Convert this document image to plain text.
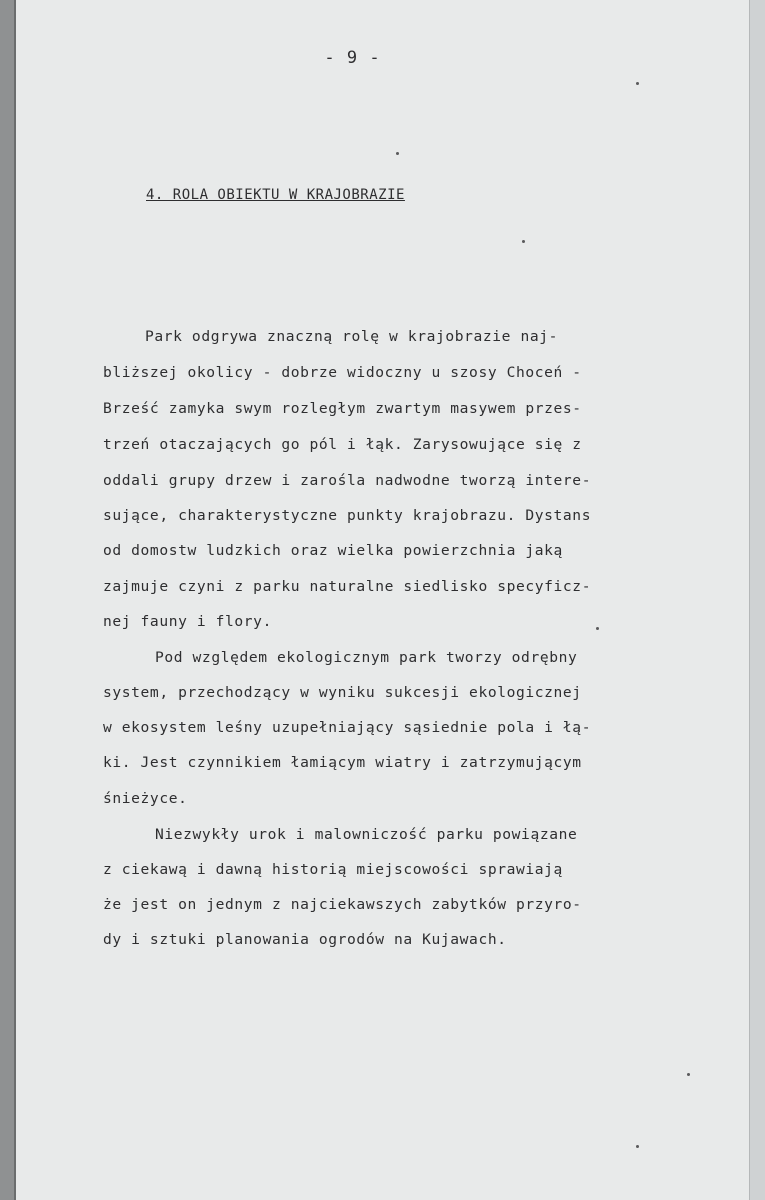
- 9 -
4. ROLA OBIEKTU W KRAJOBRAZIE
Park odgrywa znaczną rolę w krajobrazie naj-
bliższej okolicy - dobrze widoczny u szosy Choceń -
Brześć zamyka swym rozległym zwartym masywem przes-
trzeń otaczających go pól i łąk. Zarysowujące się z
oddali grupy drzew i zarośla nadwodne tworzą intere-
sujące, charakterystyczne punkty krajobrazu. Dystans
od domostw ludzkich oraz wielka powierzchnia jaką
zajmuje czyni z parku naturalne siedlisko specyficz-
nej fauny i flory.
Pod względem ekologicznym park tworzy odrębny
system, przechodzący w wyniku sukcesji ekologicznej
w ekosystem leśny uzupełniający sąsiednie pola i łą-
ki. Jest czynnikiem łamiącym wiatry i zatrzymującym
śnieżyce.
Niezwykły urok i malowniczość parku powiązane
z ciekawą i dawną historią miejscowości sprawiają
że jest on jednym z najciekawszych zabytków przyro-
dy i sztuki planowania ogrodów na Kujawach.
